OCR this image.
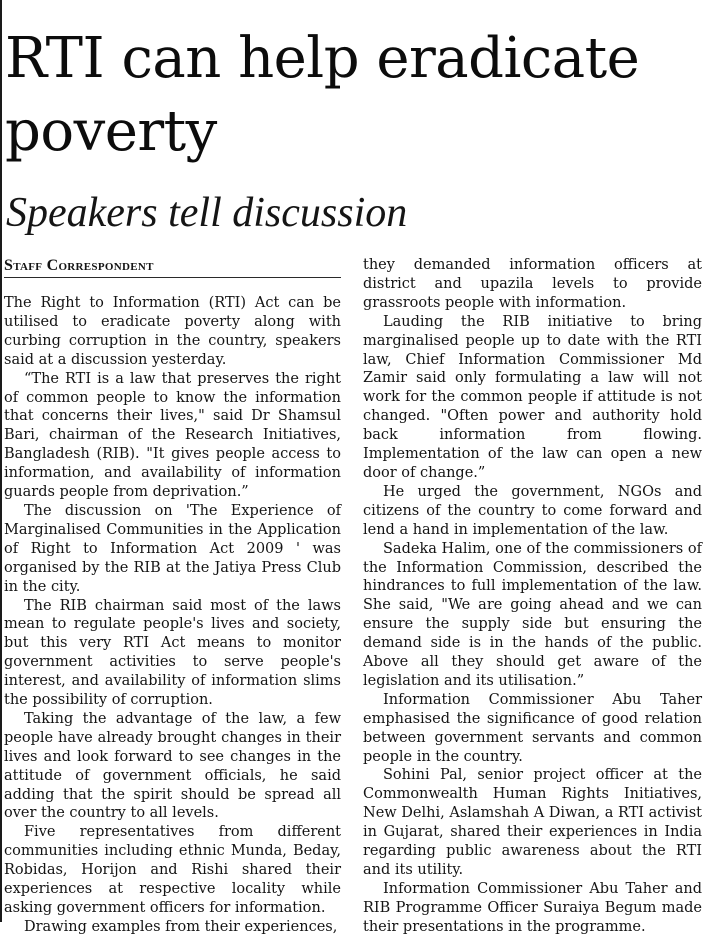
RTI can help eradicate poverty
Speakers tell discussion
Staff Correspondent

The Right to Information (RTI) Act can be utilised to eradicate poverty along with curbing corruption in the country, speakers said at a discussion yesterday.

“The RTI is a law that preserves the right of common people to know the information that concerns their lives," said Dr Shamsul Bari, chairman of the Research Initiatives, Bangladesh (RIB). "It gives people access to information, and availability of information guards people from deprivation.”

The discussion on 'The Experience of Marginalised Communities in the Application of Right to Information Act 2009 ' was organised by the RIB at the Jatiya Press Club in the city.

The RIB chairman said most of the laws mean to regulate people's lives and society, but this very RTI Act means to monitor government activities to serve people's interest, and availability of information slims the possibility of corruption.

Taking the advantage of the law, a few people have already brought changes in their lives and look forward to see changes in the attitude of government officials, he said adding that the spirit should be spread all over the country to all levels.

Five representatives from different communities including ethnic Munda, Beday, Robidas, Horijon and Rishi shared their experiences at respective locality while asking government officers for information.

Drawing examples from their experiences,

they demanded information officers at district and upazila levels to provide grassroots people with information.

Lauding the RIB initiative to bring marginalised people up to date with the RTI law, Chief Information Commissioner Md Zamir said only formulating a law will not work for the common people if attitude is not changed. "Often power and authority hold back information from flowing. Implementation of the law can open a new door of change.”

He urged the government, NGOs and citizens of the country to come forward and lend a hand in implementation of the law.

Sadeka Halim, one of the commissioners of the Information Commission, described the hindrances to full implementation of the law. She said, "We are going ahead and we can ensure the supply side but ensuring the demand side is in the hands of the public. Above all they should get aware of the legislation and its utilisation.”

Information Commissioner Abu Taher emphasised the significance of good relation between government servants and common people in the country.

Sohini Pal, senior project officer at the Commonwealth Human Rights Initiatives, New Delhi, Aslamshah A Diwan, a RTI activist in Gujarat, shared their experiences in India regarding public awareness about the RTI and its utility.

Information Commissioner Abu Taher and RIB Programme Officer Suraiya Begum made their presentations in the programme.
